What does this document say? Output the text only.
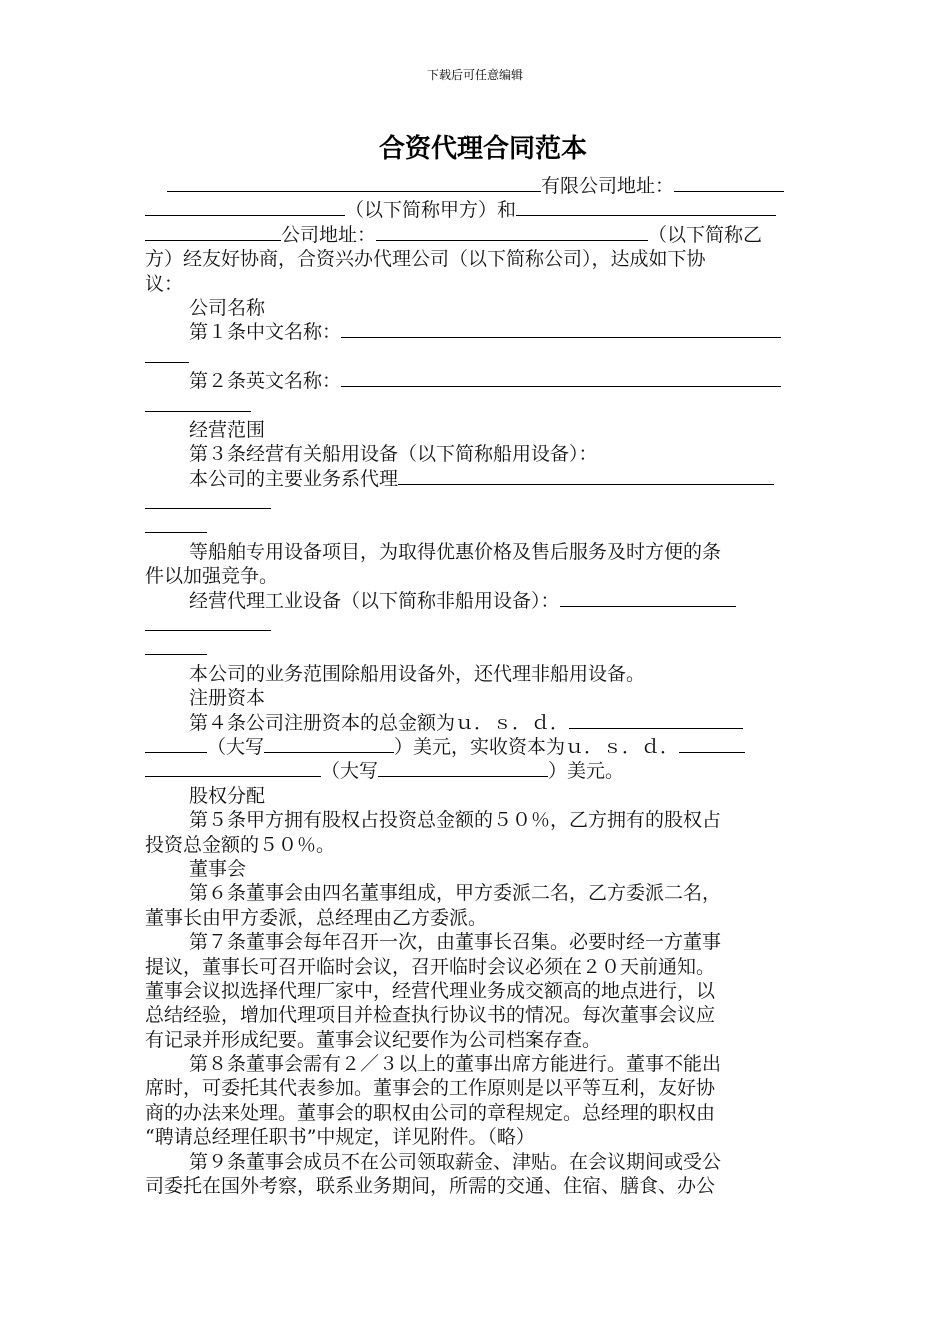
下载后可任意编辑
合资代理合同范本
有限公司地址：
（以下简称甲方）和
公司地址：	（以下简称乙
方）经友好协商，合资兴办代理公司（以下简称公司），达成如下协
议：
公司名称
第１条中文名称：
第２条英文名称：
经营范围
第３条经营有关船用设备（以下简称船用设备）：
本公司的主要业务系代理
等船舶专用设备项目，为取得优惠价格及售后服务及时方便的条
件以加强竞争。
经营代理工业设备（以下简称非船用设备）：
本公司的业务范围除船用设备外，还代理非船用设备。
注册资本
第４条公司注册资本的总金额为ｕ．ｓ．ｄ．
（大写	）美元，实收资本为ｕ．ｓ．ｄ．
（大写	）美元。
股权分配
第５条甲方拥有股权占投资总金额的５０％，乙方拥有的股权占
投资总金额的５０％。
董事会
第６条董事会由四名董事组成，甲方委派二名，乙方委派二名，
董事长由甲方委派，总经理由乙方委派。
第７条董事会每年召开一次，由董事长召集。必要时经一方董事
提议，董事长可召开临时会议，召开临时会议必须在２０天前通知。
董事会议拟选择代理厂家中，经营代理业务成交额高的地点进行，以
总结经验，增加代理项目并检查执行协议书的情况。每次董事会议应
有记录并形成纪要。董事会议纪要作为公司档案存查。
第８条董事会需有２／３以上的董事出席方能进行。董事不能出
席时，可委托其代表参加。董事会的工作原则是以平等互利，友好协
商的办法来处理。董事会的职权由公司的章程规定。总经理的职权由
“聘请总经理任职书”中规定，详见附件。（略）
第９条董事会成员不在公司领取薪金、津贴。在会议期间或受公
司委托在国外考察，联系业务期间，所需的交通、住宿、膳食、办公
